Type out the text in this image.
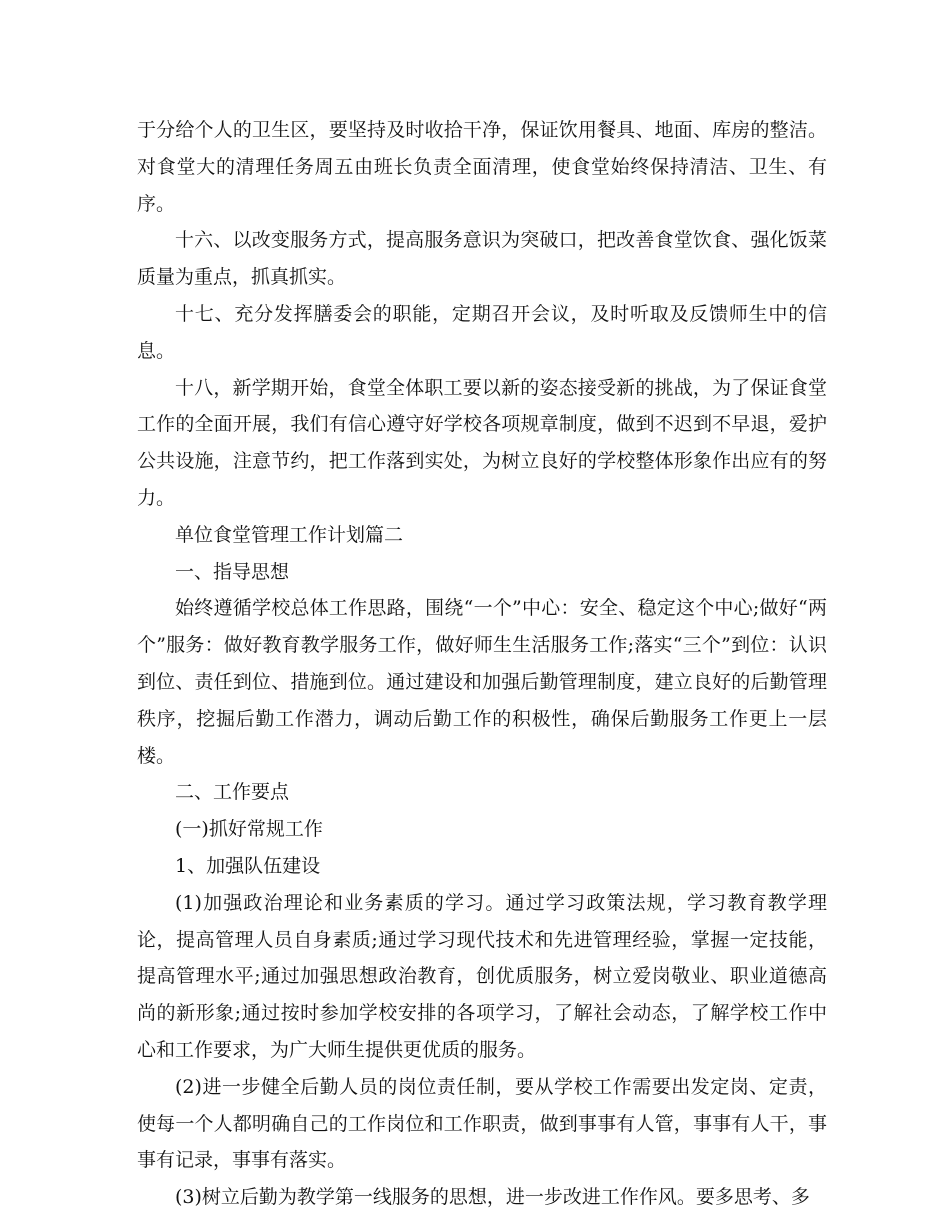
于分给个人的卫生区，要坚持及时收拾干净，保证饮用餐具、地面、库房的整洁。对食堂大的清理任务周五由班长负责全面清理，使食堂始终保持清洁、卫生、有序。

十六、以改变服务方式，提高服务意识为突破口，把改善食堂饮食、强化饭菜质量为重点，抓真抓实。

十七、充分发挥膳委会的职能，定期召开会议，及时听取及反馈师生中的信息。

十八，新学期开始，食堂全体职工要以新的姿态接受新的挑战，为了保证食堂工作的全面开展，我们有信心遵守好学校各项规章制度，做到不迟到不早退，爱护公共设施，注意节约，把工作落到实处，为树立良好的学校整体形象作出应有的努力。

单位食堂管理工作计划篇二

一、指导思想

始终遵循学校总体工作思路，围绕“一个”中心：安全、稳定这个中心;做好“两个”服务：做好教育教学服务工作，做好师生生活服务工作;落实“三个”到位：认识到位、责任到位、措施到位。通过建设和加强后勤管理制度，建立良好的后勤管理秩序，挖掘后勤工作潜力，调动后勤工作的积极性，确保后勤服务工作更上一层楼。

二、工作要点

(一)抓好常规工作

1、加强队伍建设

(1)加强政治理论和业务素质的学习。通过学习政策法规，学习教育教学理论，提高管理人员自身素质;通过学习现代技术和先进管理经验，掌握一定技能，提高管理水平;通过加强思想政治教育，创优质服务，树立爱岗敬业、职业道德高尚的新形象;通过按时参加学校安排的各项学习，了解社会动态，了解学校工作中心和工作要求，为广大师生提供更优质的服务。

(2)进一步健全后勤人员的岗位责任制，要从学校工作需要出发定岗、定责，使每一个人都明确自己的工作岗位和工作职责，做到事事有人管，事事有人干，事事有记录，事事有落实。

(3)树立后勤为教学第一线服务的思想，进一步改进工作作风。要多思考、多
